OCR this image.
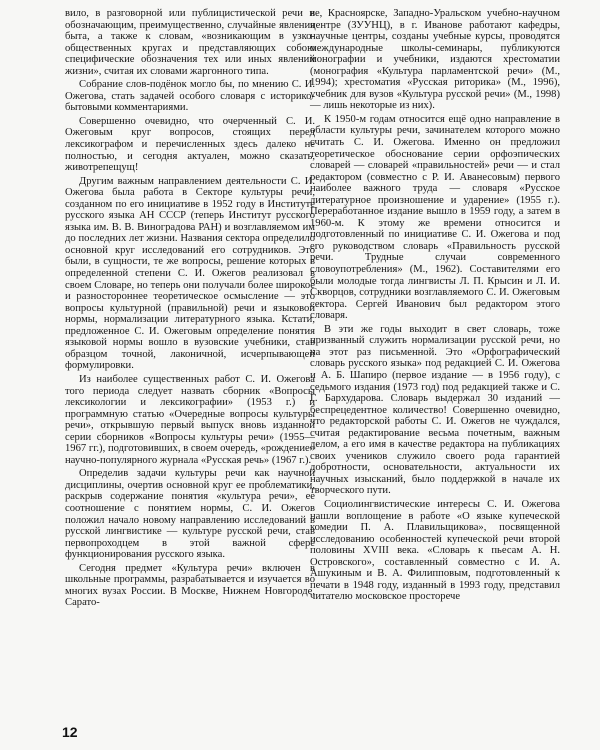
вило, в разговорной или публицистической речи и обозначающим, преимущественно, случайные явления быта, а также к словам, «возникающим в узко-общественных кругах и представляющих собою специфические обозначения тех или иных явлений жизни», считая их словами жаргонного типа.

Собрание слов-подёнок могло бы, по мнению С. И. Ожегова, стать задачей особого словаря с историко-бытовыми комментариями.

Совершенно очевидно, что очерченный С. И. Ожеговым круг вопросов, стоящих перед лексикографом и перечисленных здесь далеко не полностью, и сегодня актуален, можно сказать, животрепещущ!

Другим важным направлением деятельности С. И. Ожегова была работа в Секторе культуры речи, созданном по его инициативе в 1952 году в Институте русского языка АН СССР (теперь Институт русского языка им. В. В. Виноградова РАН) и возглавляемом им до последних лет жизни. Названия сектора определило основной круг исследований его сотрудников. Это были, в сущности, те же вопросы, решение которых в определенной степени С. И. Ожегов реализовал в своем Словаре, но теперь они получали более широкое и разностороннее теоретическое осмысление — это вопросы культурной (правильной) речи и языковой нормы, нормализации литературного языка. Кстати, предложенное С. И. Ожеговым определение понятия языковой нормы вошло в вузовские учебники, став образцом точной, лаконичной, исчерпывающей формулировки.

Из наиболее существенных работ С. И. Ожегова того периода следует назвать сборник «Вопросы лексикологии и лексикографии» (1953 г.) и программную статью «Очередные вопросы культуры речи», открывшую первый выпуск вновь изданной серии сборников «Вопросы культуры речи» (1955—1967 гг.), подготовивших, в своем очередь, «рождение» научно-популярного журнала «Русская речь» (1967 г.).

Определив задачи культуры речи как научной дисциплины, очертив основной круг ее проблематики, раскрыв содержание понятия «культура речи», ее соотношение с понятием нормы, С. И. Ожегов положил начало новому направлению исследований в русской лингвистике — культуре русской речи, став первопроходцем в этой важной сфере функционирования русского языка.

Сегодня предмет «Культура речи» включен в школьные программы, разрабатывается и изучается во многих вузах России. В Москве, Нижнем Новгороде, Сарато-

ве, Красноярске, Западно-Уральском учебно-научном центре (ЗУУНЦ), в г. Иванове работают кафедры, научные центры, созданы учебные курсы, проводятся международные школы-семинары, публикуются монографии и учебники, издаются хрестоматии (монография «Культура парламентской речи» (М., 1994); хрестоматия «Русская риторика» (М., 1996), учебник для вузов «Культура русской речи» (М., 1998) — лишь некоторые из них).

К 1950-м годам относится ещё одно направление в области культуры речи, зачинателем которого можно считать С. И. Ожегова. Именно он предложил теоретическое обоснование серии орфоэпических словарей — словарей «правильностей» речи — и стал редактором (совместно с Р. И. Аванесовым) первого наиболее важного труда — словаря «Русское литературное произношение и ударение» (1955 г.). Переработанное издание вышло в 1959 году, а затем в 1960-м. К этому же времени относится и подготовленный по инициативе С. И. Ожегова и под его руководством словарь «Правильность русской речи. Трудные случаи современного словоупотребления» (М., 1962). Составителями его были молодые тогда лингвисты Л. П. Крысин и Л. И. Скворцов, сотрудники возглавляемого С. И. Ожеговым сектора. Сергей Иванович был редактором этого словаря.

В эти же годы выходит в свет словарь, тоже призванный служить нормализации русской речи, но на этот раз письменной. Это «Орфографический словарь русского языка» под редакцией С. И. Ожегова и А. Б. Шапиро (первое издание — в 1956 году), с седьмого издания (1973 год) под редакцией также и С. Г. Бархударова. Словарь выдержал 30 изданий — беспрецедентное количество! Совершенно очевидно, что редакторской работы С. И. Ожегов не чуждался, считая редактирование весьма почетным, важным делом, а его имя в качестве редактора на публикациях своих учеников служило своего рода гарантией добротности, основательности, актуальности их научных изысканий, было поддержкой в начале их творческого пути.

Социолингвистические интересы С. И. Ожегова нашли воплощение в работе «О языке купеческой комедии П. А. Плавильщикова», посвященной исследованию особенностей купеческой речи второй половины XVIII века. «Словарь к пьесам А. Н. Островского», составленный совместно с И. А. Ашукиным и В. А. Филипповым, подготовленный к печати в 1948 году, изданный в 1993 году, представил читателю московское просторече

12
